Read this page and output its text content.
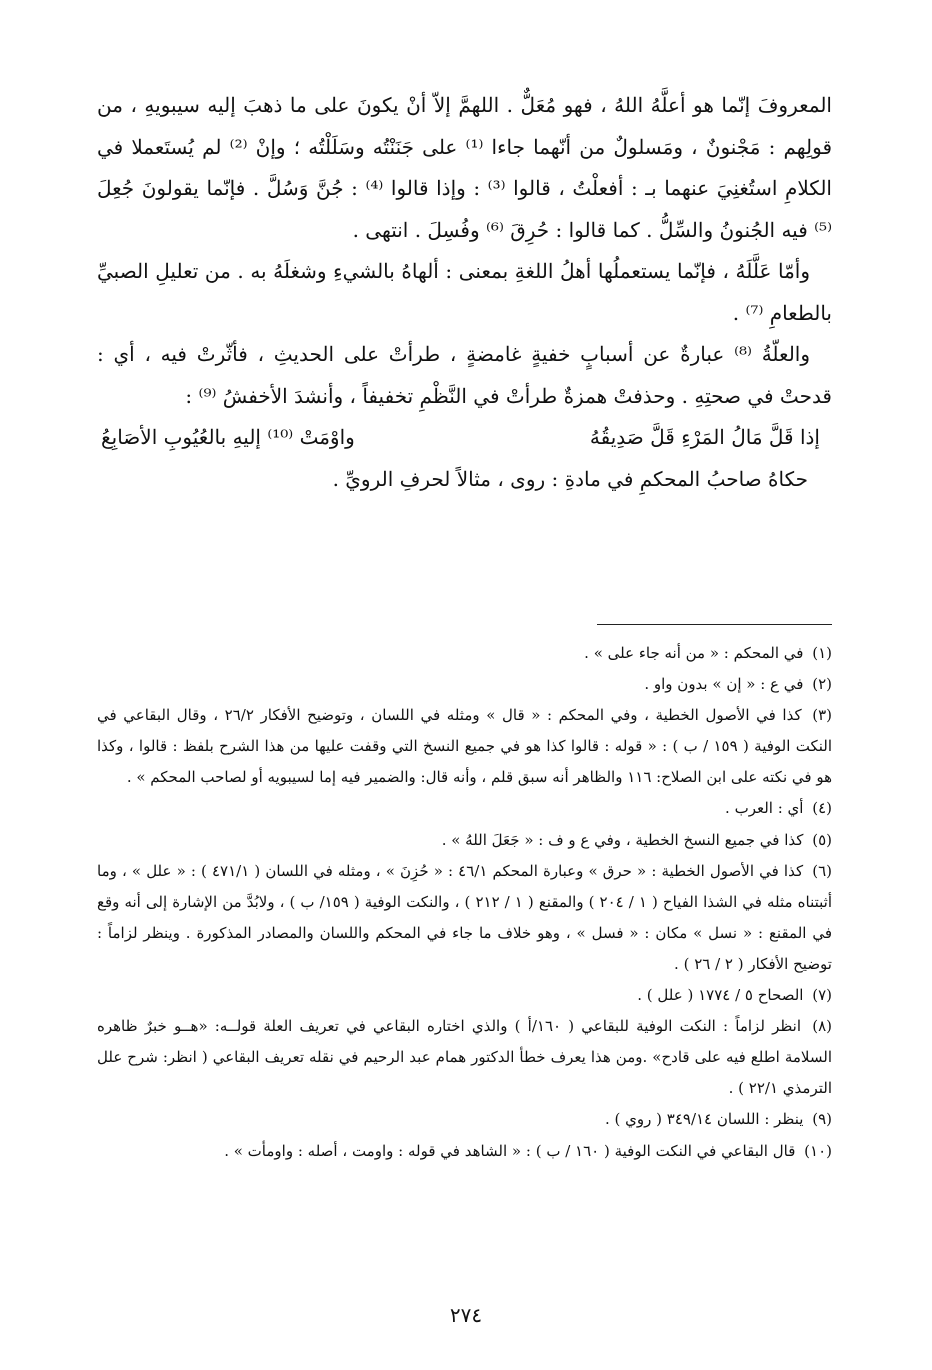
المعروفَ إنّما هو أعلَّهُ اللهُ ، فهو مُعَلٌّ . اللهمَّ إلاّ أنْ يكونَ على ما ذهبَ إليه سيبويهِ ، من قولِهم : مَجْنونٌ ، ومَسلولٌ من أنّهما جاءا ⁽¹⁾ على جَنَنْتُه وسَلَلْتُه ؛ وإنْ ⁽²⁾ لم يُستَعملا في الكلامِ استُغنِيَ عنهما بـ : أفعلْتُ ، قالوا ⁽³⁾ : وإذا قالوا ⁽⁴⁾ : جُنَّ وَسُلَّ . فإنّما يقولونَ جُعِلَ ⁽⁵⁾ فيه الجُنونُ والسِّلُّ . كما قالوا : حُرِقَ ⁽⁶⁾ وفُسِلَ . انتهى .

وأمّا عَلَّلَهُ ، فإنّما يستعملُها أهلُ اللغةِ بمعنى : ألهاهُ بالشيءِ وشغلَهُ به . من تعليلِ الصبيِّ بالطعامِ ⁽⁷⁾ .

والعلّةُ ⁽⁸⁾ عبارةٌ عن أسبابٍ خفيةٍ غامضةٍ ، طرأتْ على الحديثِ ، فأثّرتْ فيه ، أي : قدحتْ في صحتِهِ . وحذفتْ همزةٌ طرأتْ في النَّظْمِ تخفيفاً ، وأنشدَ الأخفشُ ⁽⁹⁾ :

إذا قَلَّ مَالُ المَرْءِ قَلَّ صَدِيقُهُ
واوْمَتْ ⁽¹⁰⁾ إليهِ بالعُيُوبِ الأصَابِعُ

حكاهُ صاحبُ المحكمِ في مادةِ : روى ، مثالاً لحرفِ الرويِّ .

(١) في المحكم : « من أنه جاء على » .
(٢) في ع : « إن » بدون واو .
(٣) كذا في الأصول الخطية ، وفي المحكم : « قال » ومثله في اللسان ، وتوضيح الأفكار ٢٦/٢ ، وقال البقاعي في النكت الوفية ( ١٥٩ / ب ) : « قوله : قالوا كذا هو في جميع النسخ التي وقفت عليها من هذا الشرح بلفظ : قالوا ، وكذا هو في نكته على ابن الصلاح: ١١٦ والظاهر أنه سبق قلم ، وأنه قال: والضمير فيه إما لسيبويه أو لصاحب المحكم » .
(٤) أي : العرب .
(٥) كذا في جميع النسخ الخطية ، وفي ع و ف : « جَعَلَ اللهُ » .
(٦) كذا في الأصول الخطية : « حرق » وعبارة المحكم ٤٦/١ : « حُزِنَ » ، ومثله في اللسان ( ٤٧١/١ ) : « علل » ، وما أثبتناه مثله في الشذا الفياح ( ١ / ٢٠٤ ) والمقنع ( ١ / ٢١٢ ) ، والنكت الوفية ( ١٥٩/ ب ) ، ولابُدَّ من الإشارة إلى أنه وقع في المقنع : « نسل » مكان : « فسل » ، وهو خلاف ما جاء في المحكم واللسان والمصادر المذكورة . وينظر لزاماً : توضيح الأفكار ( ٢ / ٢٦ ) .
(٧) الصحاح ٥ / ١٧٧٤ ( علل ) .
(٨) انظر لزاماً : النكت الوفية للبقاعي ( ١٦٠/أ ) والذي اختاره البقاعي في تعريف العلة قولــه: «هــو خبرٌ ظاهره السلامة اطلع فيه على قادح» .ومن هذا يعرف خطأ الدكتور همام عبد الرحيم في نقله تعريف البقاعي ( انظر: شرح علل الترمذي ٢٢/١ ) .
(٩) ينظر : اللسان ٣٤٩/١٤ ( روي ) .
(١٠) قال البقاعي في النكت الوفية ( ١٦٠ / ب ) : « الشاهد في قوله : واومت ، أصله : واومأت » .
٢٧٤
